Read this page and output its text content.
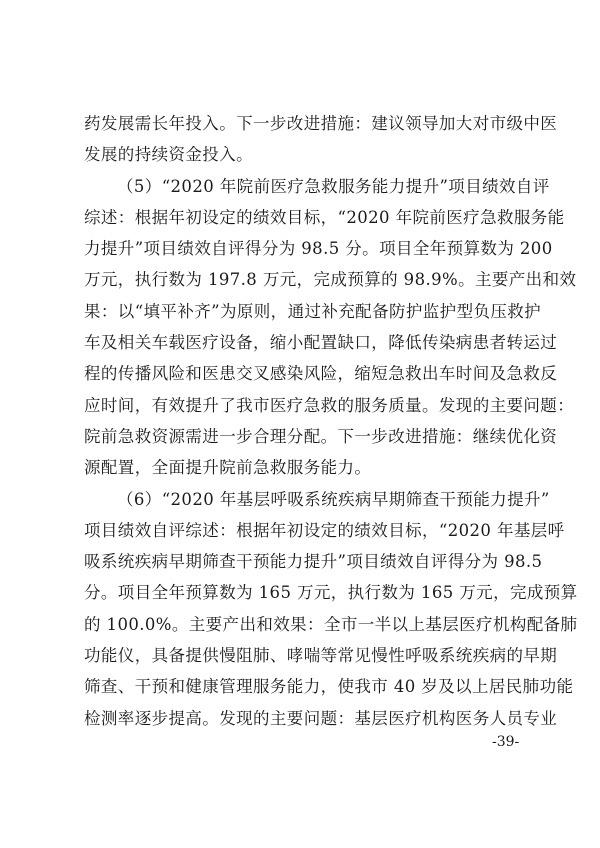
药发展需长年投入。下一步改进措施：建议领导加大对市级中医
发展的持续资金投入。
（5）“2020 年院前医疗急救服务能力提升”项目绩效自评
综述：根据年初设定的绩效目标，“2020 年院前医疗急救服务能
力提升”项目绩效自评得分为 98.5 分。项目全年预算数为 200
万元，执行数为 197.8 万元，完成预算的 98.9%。主要产出和效
果：以“填平补齐”为原则，通过补充配备防护监护型负压救护
车及相关车载医疗设备，缩小配置缺口，降低传染病患者转运过
程的传播风险和医患交叉感染风险，缩短急救出车时间及急救反
应时间，有效提升了我市医疗急救的服务质量。发现的主要问题：
院前急救资源需进一步合理分配。下一步改进措施：继续优化资
源配置，全面提升院前急救服务能力。
（6）“2020 年基层呼吸系统疾病早期筛查干预能力提升”
项目绩效自评综述：根据年初设定的绩效目标，“2020 年基层呼
吸系统疾病早期筛查干预能力提升”项目绩效自评得分为 98.5
分。项目全年预算数为 165 万元，执行数为 165 万元，完成预算
的 100.0%。主要产出和效果：全市一半以上基层医疗机构配备肺
功能仪，具备提供慢阻肺、哮喘等常见慢性呼吸系统疾病的早期
筛查、干预和健康管理服务能力，使我市 40 岁及以上居民肺功能
检测率逐步提高。发现的主要问题：基层医疗机构医务人员专业
-39-
